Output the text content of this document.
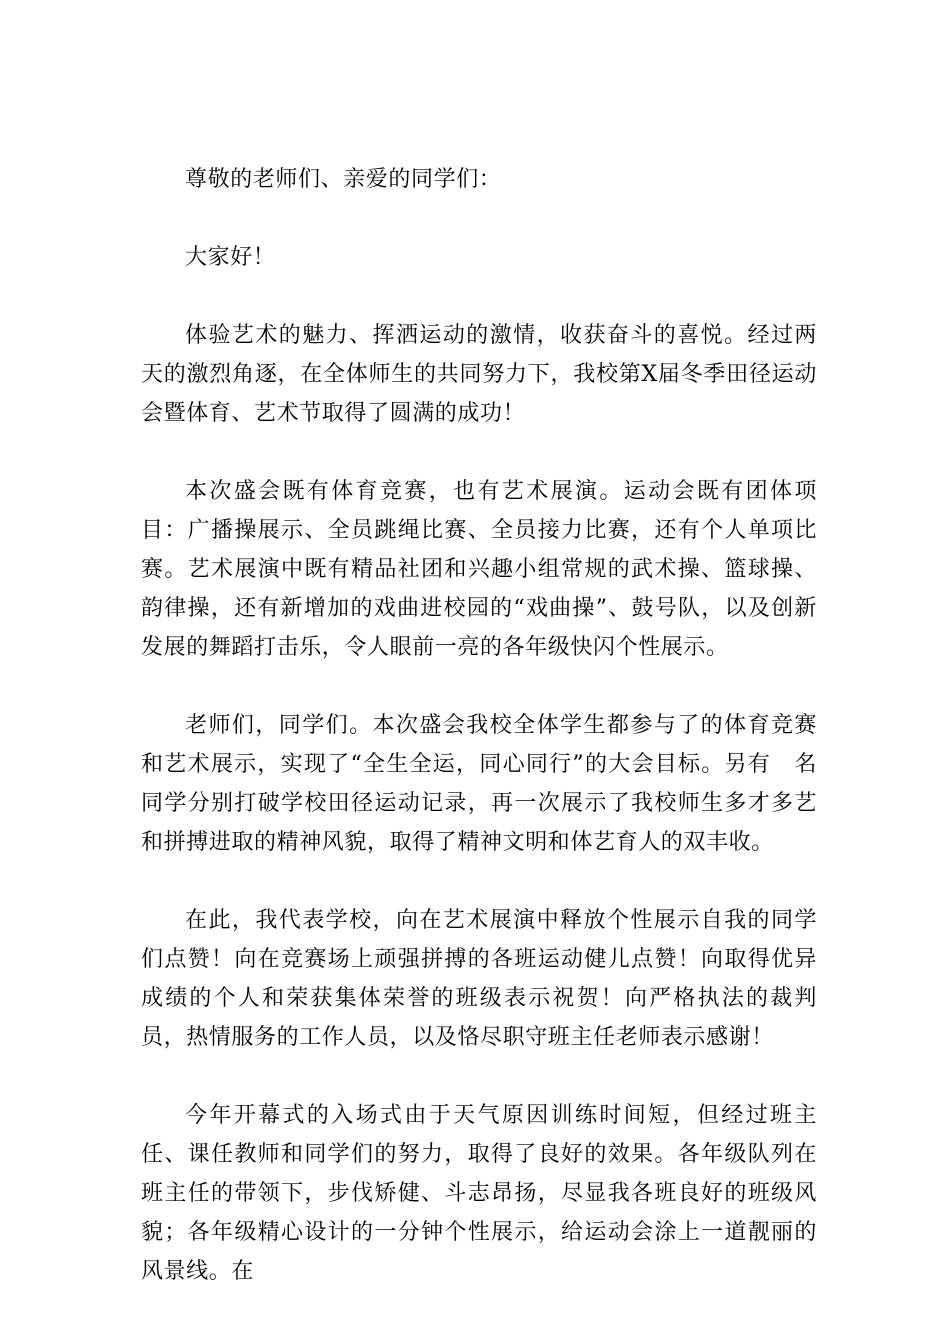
尊敬的老师们、亲爱的同学们：

大家好！

体验艺术的魅力、挥洒运动的激情，收获奋斗的喜悦。经过两天的激烈角逐，在全体师生的共同努力下，我校第X届冬季田径运动会暨体育、艺术节取得了圆满的成功！

本次盛会既有体育竞赛，也有艺术展演。运动会既有团体项目：广播操展示、全员跳绳比赛、全员接力比赛，还有个人单项比赛。艺术展演中既有精品社团和兴趣小组常规的武术操、篮球操、韵律操，还有新增加的戏曲进校园的“戏曲操”、鼓号队，以及创新发展的舞蹈打击乐，令人眼前一亮的各年级快闪个性展示。

老师们，同学们。本次盛会我校全体学生都参与了的体育竞赛和艺术展示，实现了“全生全运，同心同行”的大会目标。另有　名同学分别打破学校田径运动记录，再一次展示了我校师生多才多艺和拼搏进取的精神风貌，取得了精神文明和体艺育人的双丰收。

在此，我代表学校，向在艺术展演中释放个性展示自我的同学们点赞！向在竞赛场上顽强拼搏的各班运动健儿点赞！向取得优异成绩的个人和荣获集体荣誉的班级表示祝贺！向严格执法的裁判员，热情服务的工作人员，以及恪尽职守班主任老师表示感谢！

今年开幕式的入场式由于天气原因训练时间短，但经过班主任、课任教师和同学们的努力，取得了良好的效果。各年级队列在班主任的带领下，步伐矫健、斗志昂扬，尽显我各班良好的班级风貌；各年级精心设计的一分钟个性展示，给运动会涂上一道靓丽的风景线。在
